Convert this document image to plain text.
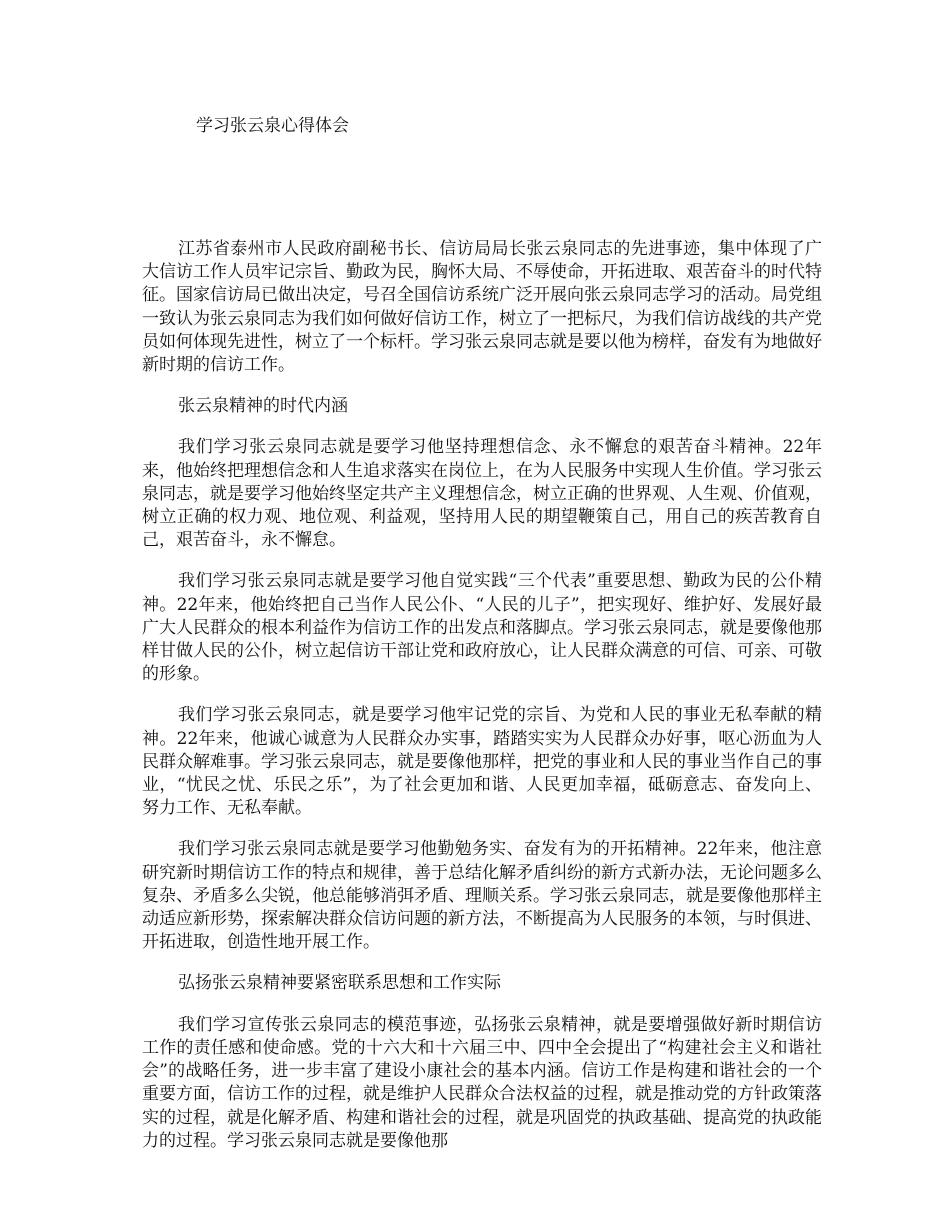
学习张云泉心得体会

江苏省泰州市人民政府副秘书长、信访局局长张云泉同志的先进事迹，集中体现了广大信访工作人员牢记宗旨、勤政为民，胸怀大局、不辱使命，开拓进取、艰苦奋斗的时代特征。国家信访局已做出决定，号召全国信访系统广泛开展向张云泉同志学习的活动。局党组一致认为张云泉同志为我们如何做好信访工作，树立了一把标尺，为我们信访战线的共产党员如何体现先进性，树立了一个标杆。学习张云泉同志就是要以他为榜样，奋发有为地做好新时期的信访工作。

张云泉精神的时代内涵

我们学习张云泉同志就是要学习他坚持理想信念、永不懈怠的艰苦奋斗精神。22年来，他始终把理想信念和人生追求落实在岗位上，在为人民服务中实现人生价值。学习张云泉同志，就是要学习他始终坚定共产主义理想信念，树立正确的世界观、人生观、价值观，树立正确的权力观、地位观、利益观，坚持用人民的期望鞭策自己，用自己的疾苦教育自己，艰苦奋斗，永不懈怠。

我们学习张云泉同志就是要学习他自觉实践“三个代表”重要思想、勤政为民的公仆精神。22年来，他始终把自己当作人民公仆、“人民的儿子”，把实现好、维护好、发展好最广大人民群众的根本利益作为信访工作的出发点和落脚点。学习张云泉同志，就是要像他那样甘做人民的公仆，树立起信访干部让党和政府放心，让人民群众满意的可信、可亲、可敬的形象。

我们学习张云泉同志，就是要学习他牢记党的宗旨、为党和人民的事业无私奉献的精神。22年来，他诚心诚意为人民群众办实事，踏踏实实为人民群众办好事，呕心沥血为人民群众解难事。学习张云泉同志，就是要像他那样，把党的事业和人民的事业当作自己的事业，“忧民之忧、乐民之乐”，为了社会更加和谐、人民更加幸福，砥砺意志、奋发向上、努力工作、无私奉献。

我们学习张云泉同志就是要学习他勤勉务实、奋发有为的开拓精神。22年来，他注意研究新时期信访工作的特点和规律，善于总结化解矛盾纠纷的新方式新办法，无论问题多么复杂、矛盾多么尖锐，他总能够消弭矛盾、理顺关系。学习张云泉同志，就是要像他那样主动适应新形势，探索解决群众信访问题的新方法，不断提高为人民服务的本领，与时俱进、开拓进取，创造性地开展工作。

弘扬张云泉精神要紧密联系思想和工作实际

我们学习宣传张云泉同志的模范事迹，弘扬张云泉精神，就是要增强做好新时期信访工作的责任感和使命感。党的十六大和十六届三中、四中全会提出了“构建社会主义和谐社会”的战略任务，进一步丰富了建设小康社会的基本内涵。信访工作是构建和谐社会的一个重要方面，信访工作的过程，就是维护人民群众合法权益的过程，就是推动党的方针政策落实的过程，就是化解矛盾、构建和谐社会的过程，就是巩固党的执政基础、提高党的执政能力的过程。学习张云泉同志就是要像他那
